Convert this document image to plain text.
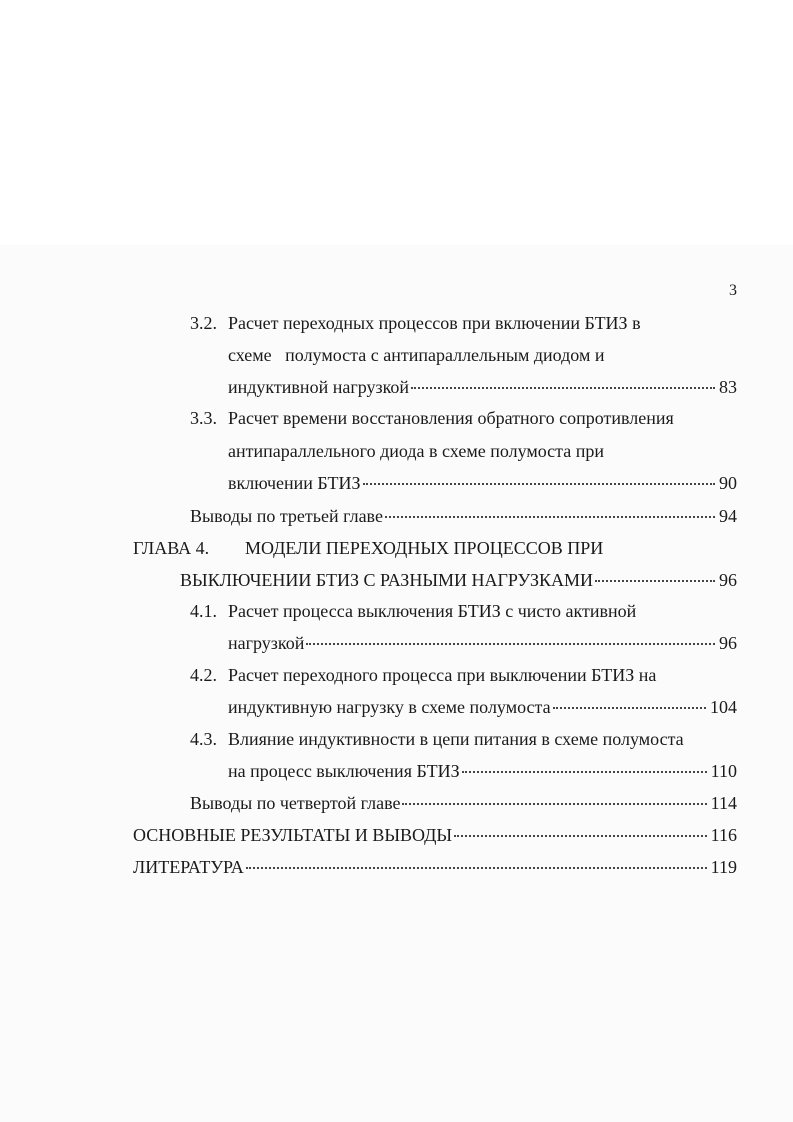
3
3.2. Расчет переходных процессов при включении БТИЗ в
схеме   полумоста с антипараллельным диодом и
индуктивной нагрузкой	83
3.3. Расчет времени восстановления обратного сопротивления
антипараллельного диода в схеме полумоста при
включении БТИЗ	90
Выводы по третьей главе	94
ГЛАВА 4.	МОДЕЛИ ПЕРЕХОДНЫХ ПРОЦЕССОВ ПРИ
ВЫКЛЮЧЕНИИ БТИЗ С РАЗНЫМИ НАГРУЗКАМИ	96
4.1. Расчет процесса выключения БТИЗ с чисто активной
нагрузкой	96
4.2. Расчет переходного процесса при выключении БТИЗ на
индуктивную нагрузку в схеме полумоста	104
4.3. Влияние индуктивности в цепи питания в схеме полумоста
на процесс выключения БТИЗ	110
Выводы по четвертой главе	114
ОСНОВНЫЕ РЕЗУЛЬТАТЫ И ВЫВОДЫ	116
ЛИТЕРАТУРА	119
